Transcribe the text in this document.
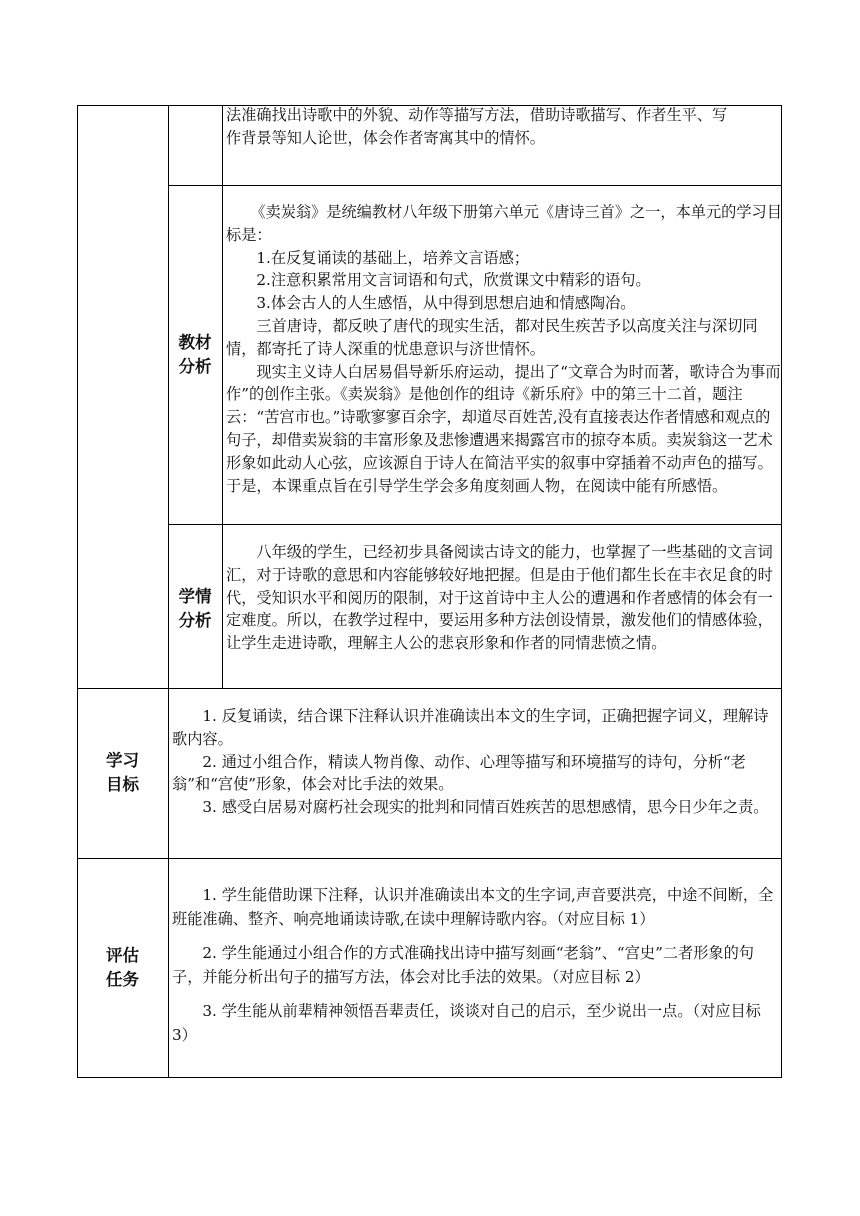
法准确找出诗歌中的外貌、动作等描写方法，借助诗歌描写、作者生平、写

作背景等知人论世，体会作者寄寓其中的情怀。

教材
分析

《卖炭翁》是统编教材八年级下册第六单元《唐诗三首》之一，本单元的学习目标是：

1.在反复诵读的基础上，培养文言语感；

2.注意积累常用文言词语和句式，欣赏课文中精彩的语句。

3.体会古人的人生感悟，从中得到思想启迪和情感陶冶。

三首唐诗，都反映了唐代的现实生活，都对民生疾苦予以高度关注与深切同情，都寄托了诗人深重的忧患意识与济世情怀。

现实主义诗人白居易倡导新乐府运动，提出了“文章合为时而著，歌诗合为事而作”的创作主张。《卖炭翁》是他创作的组诗《新乐府》中的第三十二首，题注云：“苦宫市也。”诗歌寥寥百余字，却道尽百姓苦,没有直接表达作者情感和观点的句子，却借卖炭翁的丰富形象及悲惨遭遇来揭露宫市的掠夺本质。卖炭翁这一艺术形象如此动人心弦，应该源自于诗人在简洁平实的叙事中穿插着不动声色的描写。于是，本课重点旨在引导学生学会多角度刻画人物，在阅读中能有所感悟。

学情
分析

八年级的学生，已经初步具备阅读古诗文的能力，也掌握了一些基础的文言词汇，对于诗歌的意思和内容能够较好地把握。但是由于他们都生长在丰衣足食的时代，受知识水平和阅历的限制，对于这首诗中主人公的遭遇和作者感情的体会有一定难度。所以，在教学过程中，要运用多种方法创设情景，激发他们的情感体验，让学生走进诗歌，理解主人公的悲哀形象和作者的同情悲愤之情。

学习
目标

1. 反复诵读，结合课下注释认识并准确读出本文的生字词，正确把握字词义，理解诗歌内容。

2. 通过小组合作，精读人物肖像、动作、心理等描写和环境描写的诗句，分析“老翁”和“宫使”形象，体会对比手法的效果。

3. 感受白居易对腐朽社会现实的批判和同情百姓疾苦的思想感情，思今日少年之责。

评估
任务

1. 学生能借助课下注释，认识并准确读出本文的生字词,声音要洪亮，中途不间断，全班能准确、整齐、响亮地诵读诗歌,在读中理解诗歌内容。（对应目标 1）

2. 学生能通过小组合作的方式准确找出诗中描写刻画“老翁”、“宫史”二者形象的句子，并能分析出句子的描写方法，体会对比手法的效果。（对应目标 2）

3. 学生能从前辈精神领悟吾辈责任，谈谈对自己的启示，至少说出一点。（对应目标 3）
